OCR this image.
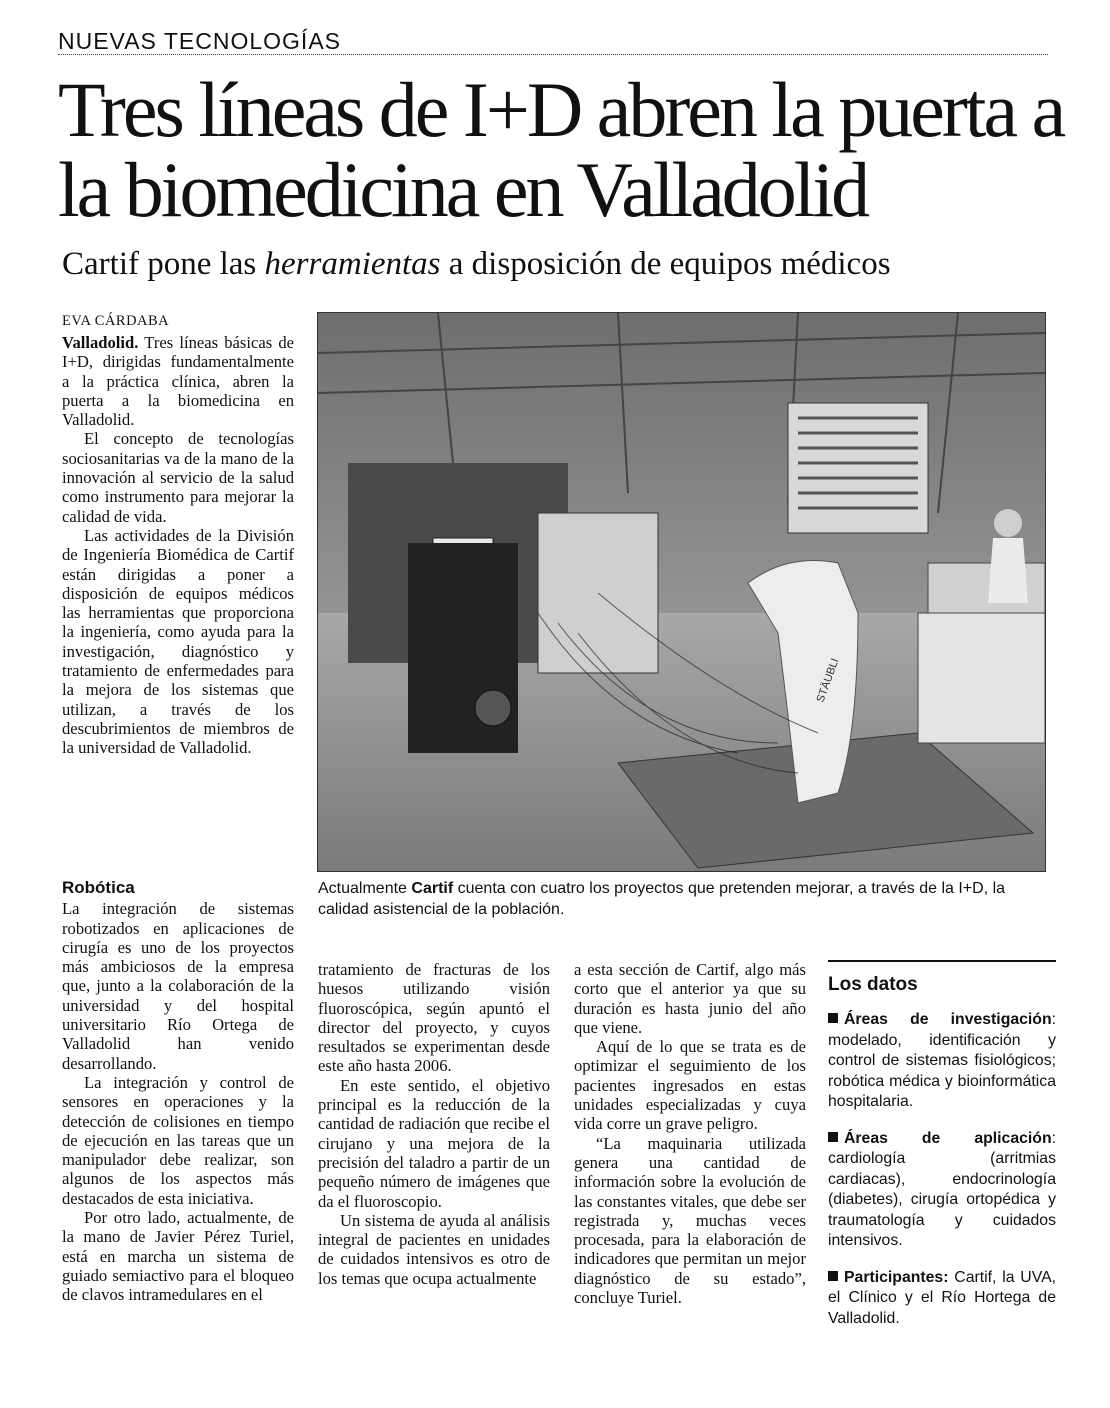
NUEVAS TECNOLOGÍAS
Tres líneas de I+D abren la puerta a la biomedicina en Valladolid
Cartif pone las herramientas a disposición de equipos médicos
EVA CÁRDABA

Valladolid. Tres líneas básicas de I+D, dirigidas fundamentalmente a la práctica clínica, abren la puerta a la biomedicina en Valladolid.

El concepto de tecnologías sociosanitarias va de la mano de la innovación al servicio de la salud como instrumento para mejorar la calidad de vida.

Las actividades de la División de Ingeniería Biomédica de Cartif están dirigidas a poner a disposición de equipos médicos las herramientas que proporciona la ingeniería, como ayuda para la investigación, diagnóstico y tratamiento de enfermedades para la mejora de los sistemas que utilizan, a través de los descubrimientos de miembros de la universidad de Valladolid.

Robótica

La integración de sistemas robotizados en aplicaciones de cirugía es uno de los proyectos más ambiciosos de la empresa que, junto a la colaboración de la universidad y del hospital universitario Río Ortega de Valladolid han venido desarrollando.

La integración y control de sensores en operaciones y la detección de colisiones en tiempo de ejecución en las tareas que un manipulador debe realizar, son algunos de los aspectos más destacados de esta iniciativa.

Por otro lado, actualmente, de la mano de Javier Pérez Turiel, está en marcha un sistema de guiado semiactivo para el bloqueo de clavos intramedulares en el

STÄUBLI
Actualmente Cartif cuenta con cuatro los proyectos que pretenden mejorar, a través de la I+D, la calidad asistencial de la población.

tratamiento de fracturas de los huesos utilizando visión fluoroscópica, según apuntó el director del proyecto, y cuyos resultados se experimentan desde este año hasta 2006.

En este sentido, el objetivo principal es la reducción de la cantidad de radiación que recibe el cirujano y una mejora de la precisión del taladro a partir de un pequeño número de imágenes que da el fluoroscopio.

Un sistema de ayuda al análisis integral de pacientes en unidades de cuidados intensivos es otro de los temas que ocupa actualmente

a esta sección de Cartif, algo más corto que el anterior ya que su duración es hasta junio del año que viene.

Aquí de lo que se trata es de optimizar el seguimiento de los pacientes ingresados en estas unidades especializadas y cuya vida corre un grave peligro.

“La maquinaria utilizada genera una cantidad de información sobre la evolución de las constantes vitales, que debe ser registrada y, muchas veces procesada, para la elaboración de indicadores que permitan un mejor diagnóstico de su estado”, concluye Turiel.

Los datos
Áreas de investigación: modelado, identificación y control de sistemas fisiológicos; robótica médica y bioinformática hospitalaria.
Áreas de aplicación: cardiología (arritmias cardiacas), endocrinología (diabetes), cirugía ortopédica y traumatología y cuidados intensivos.
Participantes: Cartif, la UVA, el Clínico y el Río Hortega de Valladolid.
